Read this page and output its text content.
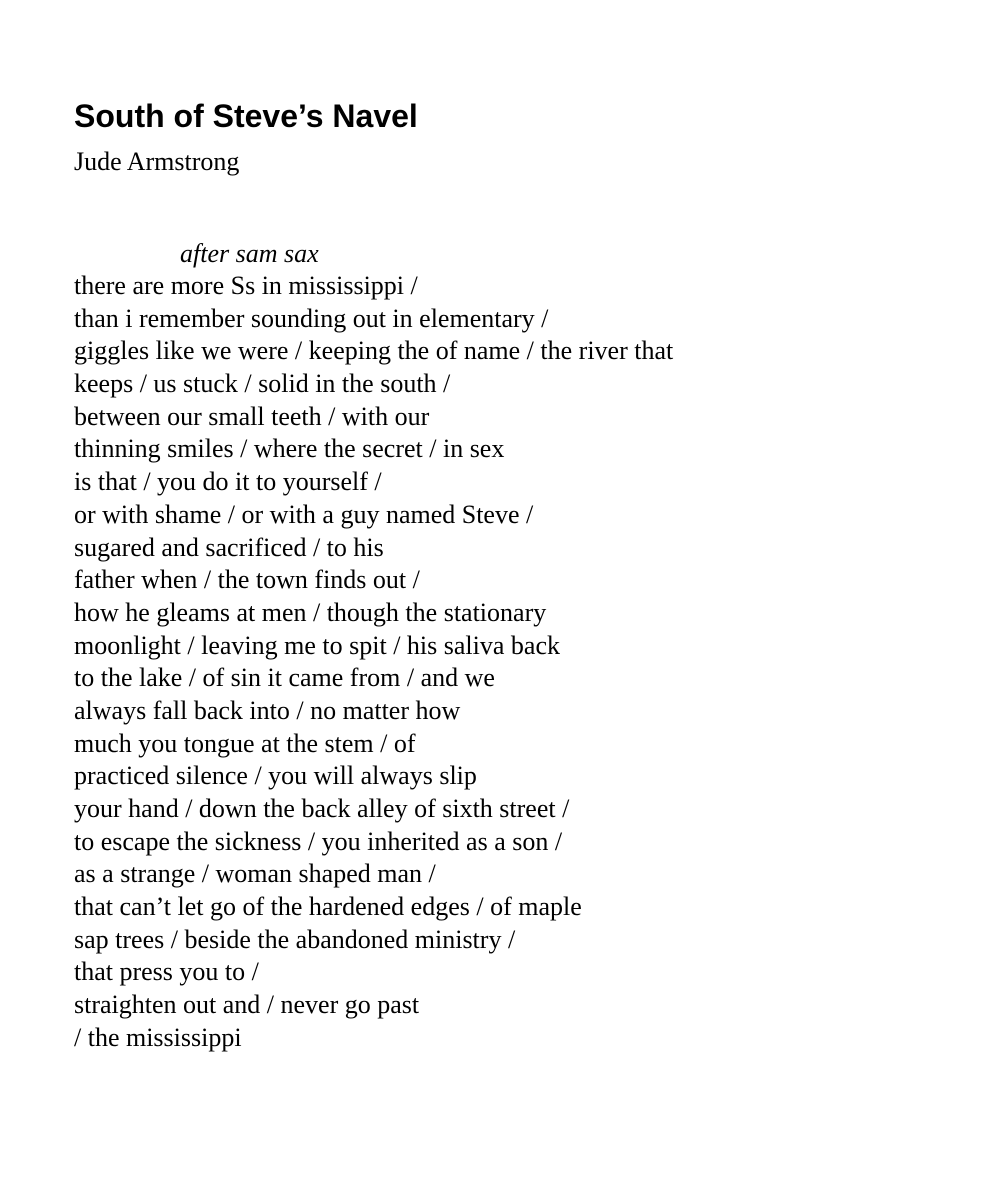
South of Steve’s Navel

Jude Armstrong

after sam sax

there are more Ss in mississippi /
than i remember sounding out in elementary /
giggles like we were / keeping the of name / the river that
keeps / us stuck / solid in the south /
between our small teeth / with our
thinning smiles / where the secret / in sex
is that / you do it to yourself /
or with shame / or with a guy named Steve /
sugared and sacrificed / to his
father when / the town finds out /
how he gleams at men / though the stationary
moonlight / leaving me to spit / his saliva back
to the lake / of sin it came from / and we
always fall back into / no matter how
much you tongue at the stem / of
practiced silence / you will always slip
your hand / down the back alley of sixth street /
to escape the sickness / you inherited as a son /
as a strange / woman shaped man /
that can’t let go of the hardened edges / of maple
sap trees / beside the abandoned ministry /
that press you to /
straighten out and / never go past
/ the mississippi
